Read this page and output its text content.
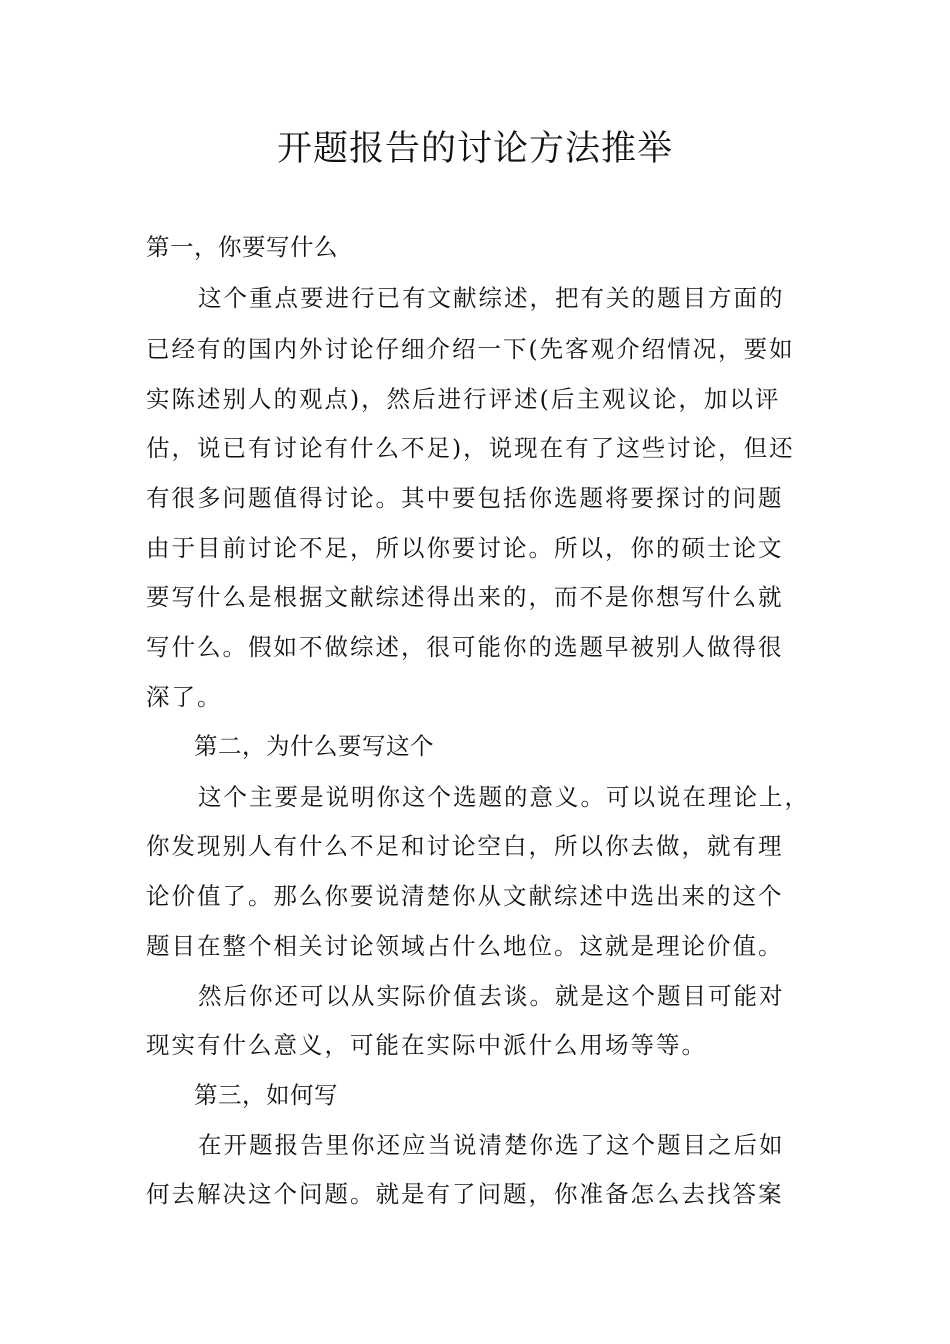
开题报告的讨论方法推举
第一，你要写什么
这个重点要进行已有文献综述，把有关的题目方面的
已经有的国内外讨论仔细介绍一下(先客观介绍情况，要如
实陈述别人的观点)，然后进行评述(后主观议论，加以评
估，说已有讨论有什么不足)，说现在有了这些讨论，但还
有很多问题值得讨论。其中要包括你选题将要探讨的问题
由于目前讨论不足，所以你要讨论。所以，你的硕士论文
要写什么是根据文献综述得出来的，而不是你想写什么就
写什么。假如不做综述，很可能你的选题早被别人做得很
深了。
第二，为什么要写这个
这个主要是说明你这个选题的意义。可以说在理论上，
你发现别人有什么不足和讨论空白，所以你去做，就有理
论价值了。那么你要说清楚你从文献综述中选出来的这个
题目在整个相关讨论领域占什么地位。这就是理论价值。
然后你还可以从实际价值去谈。就是这个题目可能对
现实有什么意义，可能在实际中派什么用场等等。
第三，如何写
在开题报告里你还应当说清楚你选了这个题目之后如
何去解决这个问题。就是有了问题，你准备怎么去找答案
